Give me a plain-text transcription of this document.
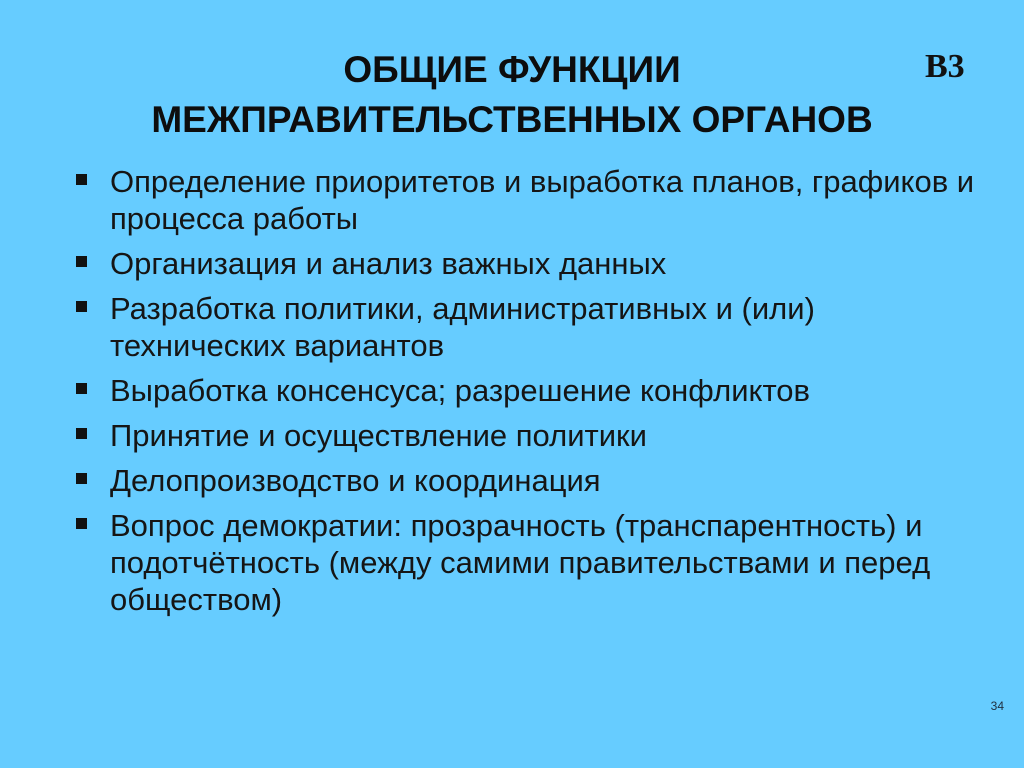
ОБЩИЕ ФУНКЦИИ
МЕЖПРАВИТЕЛЬСТВЕННЫХ ОРГАНОВ
B3
Определение приоритетов и выработка планов, графиков и процесса работы
Организация и анализ важных данных
Разработка политики, административных и (или) технических вариантов
Выработка консенсуса; разрешение конфликтов
Принятие и осуществление политики
Делопроизводство и координация
Вопрос демократии: прозрачность (транспарентность) и подотчётность (между самими правительствами и перед обществом)
34
